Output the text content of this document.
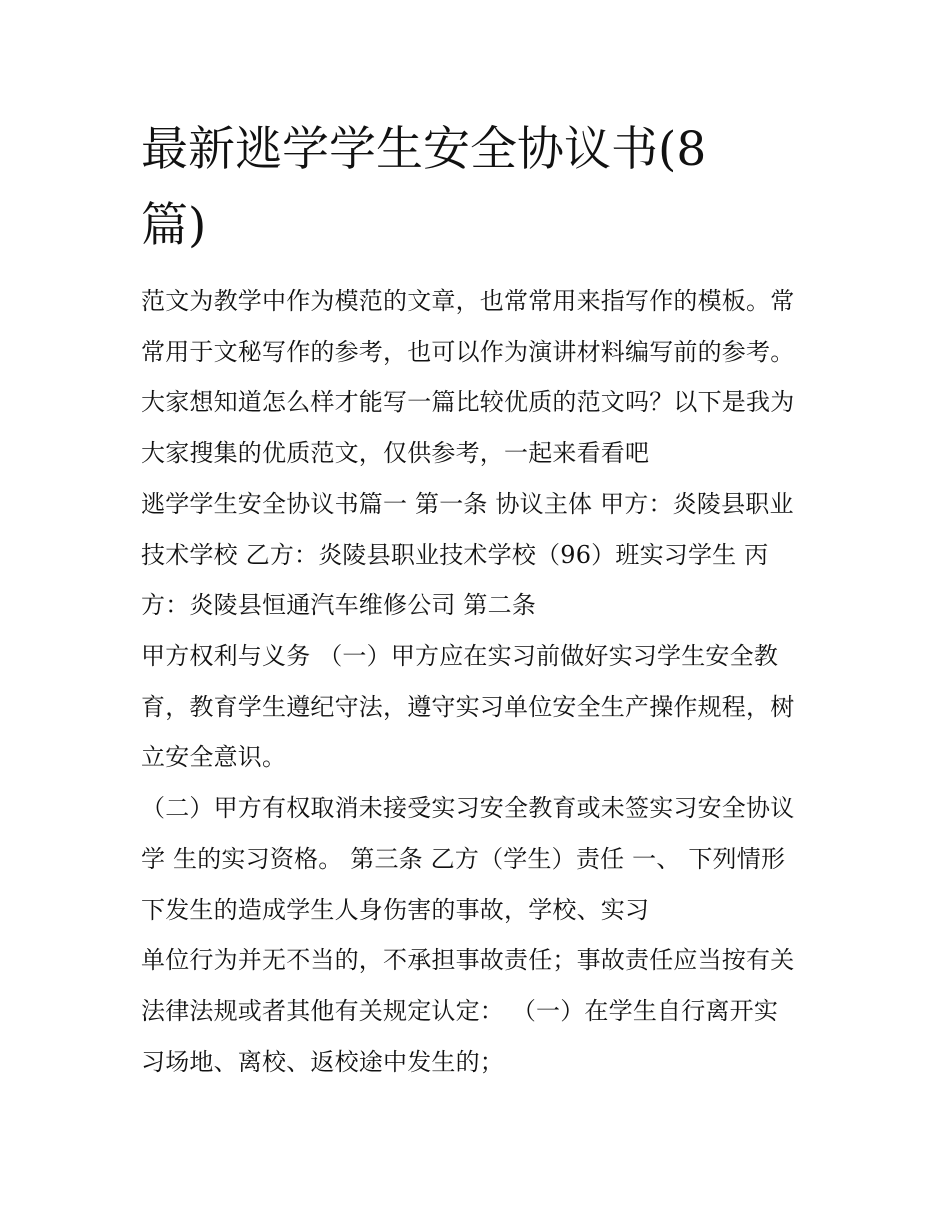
最新逃学学生安全协议书(8
篇)

范文为教学中作为模范的文章，也常常用来指写作的模板。常

常用于文秘写作的参考，也可以作为演讲材料编写前的参考。

大家想知道怎么样才能写一篇比较优质的范文吗？以下是我为

大家搜集的优质范文，仅供参考，一起来看看吧

逃学学生安全协议书篇一 第一条 协议主体 甲方：炎陵县职业

技术学校 乙方：炎陵县职业技术学校（96）班实习学生 丙

方：炎陵县恒通汽车维修公司 第二条

甲方权利与义务 （一）甲方应在实习前做好实习学生安全教

育，教育学生遵纪守法，遵守实习单位安全生产操作规程，树

立安全意识。

（二）甲方有权取消未接受实习安全教育或未签实习安全协议

学 生的实习资格。 第三条 乙方（学生）责任 一、 下列情形

下发生的造成学生人身伤害的事故，学校、实习

单位行为并无不当的，不承担事故责任；事故责任应当按有关

法律法规或者其他有关规定认定： （一）在学生自行离开实

习场地、离校、返校途中发生的；
